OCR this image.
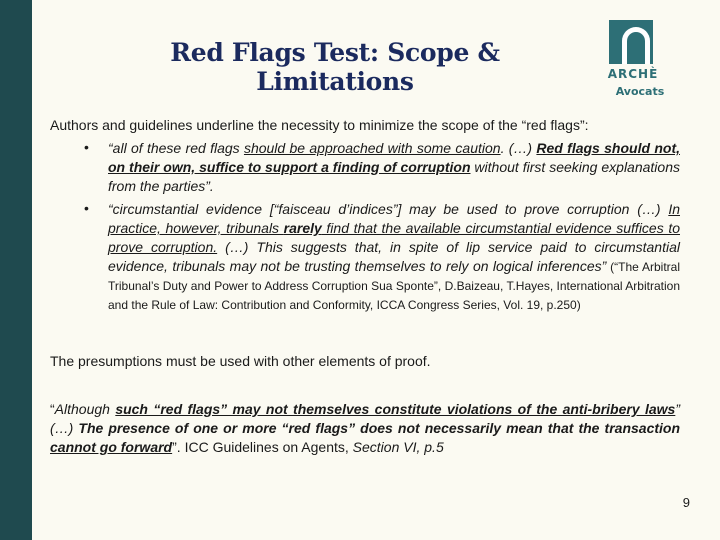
Red Flags Test: Scope & Limitations	ARCHÈ
Avocats
Authors and guidelines underline the necessity to minimize the scope of the “red flags”:
• “all of these red flags should be approached with some caution. (…) Red flags should not, on their own, suffice to support a finding of corruption without first seeking explanations from the parties”.
• “circumstantial evidence [“faisceau d’indices”] may be used to prove corruption (…) In practice, however, tribunals rarely find that the available circumstantial evidence suffices to prove corruption. (…) This suggests that, in spite of lip service paid to circumstantial evidence, tribunals may not be trusting themselves to rely on logical inferences” (“The Arbitral Tribunal’s Duty and Power to Address Corruption Sua Sponte”, D.Baizeau, T.Hayes, International Arbitration and the Rule of Law: Contribution and Conformity, ICCA Congress Series, Vol. 19, p.250)
The presumptions must be used with other elements of proof.
“Although such “red flags” may not themselves constitute violations of the anti-bribery laws” (…) The presence of one or more “red flags” does not necessarily mean that the transaction cannot go forward”. ICC Guidelines on Agents, Section VI, p.5
9
